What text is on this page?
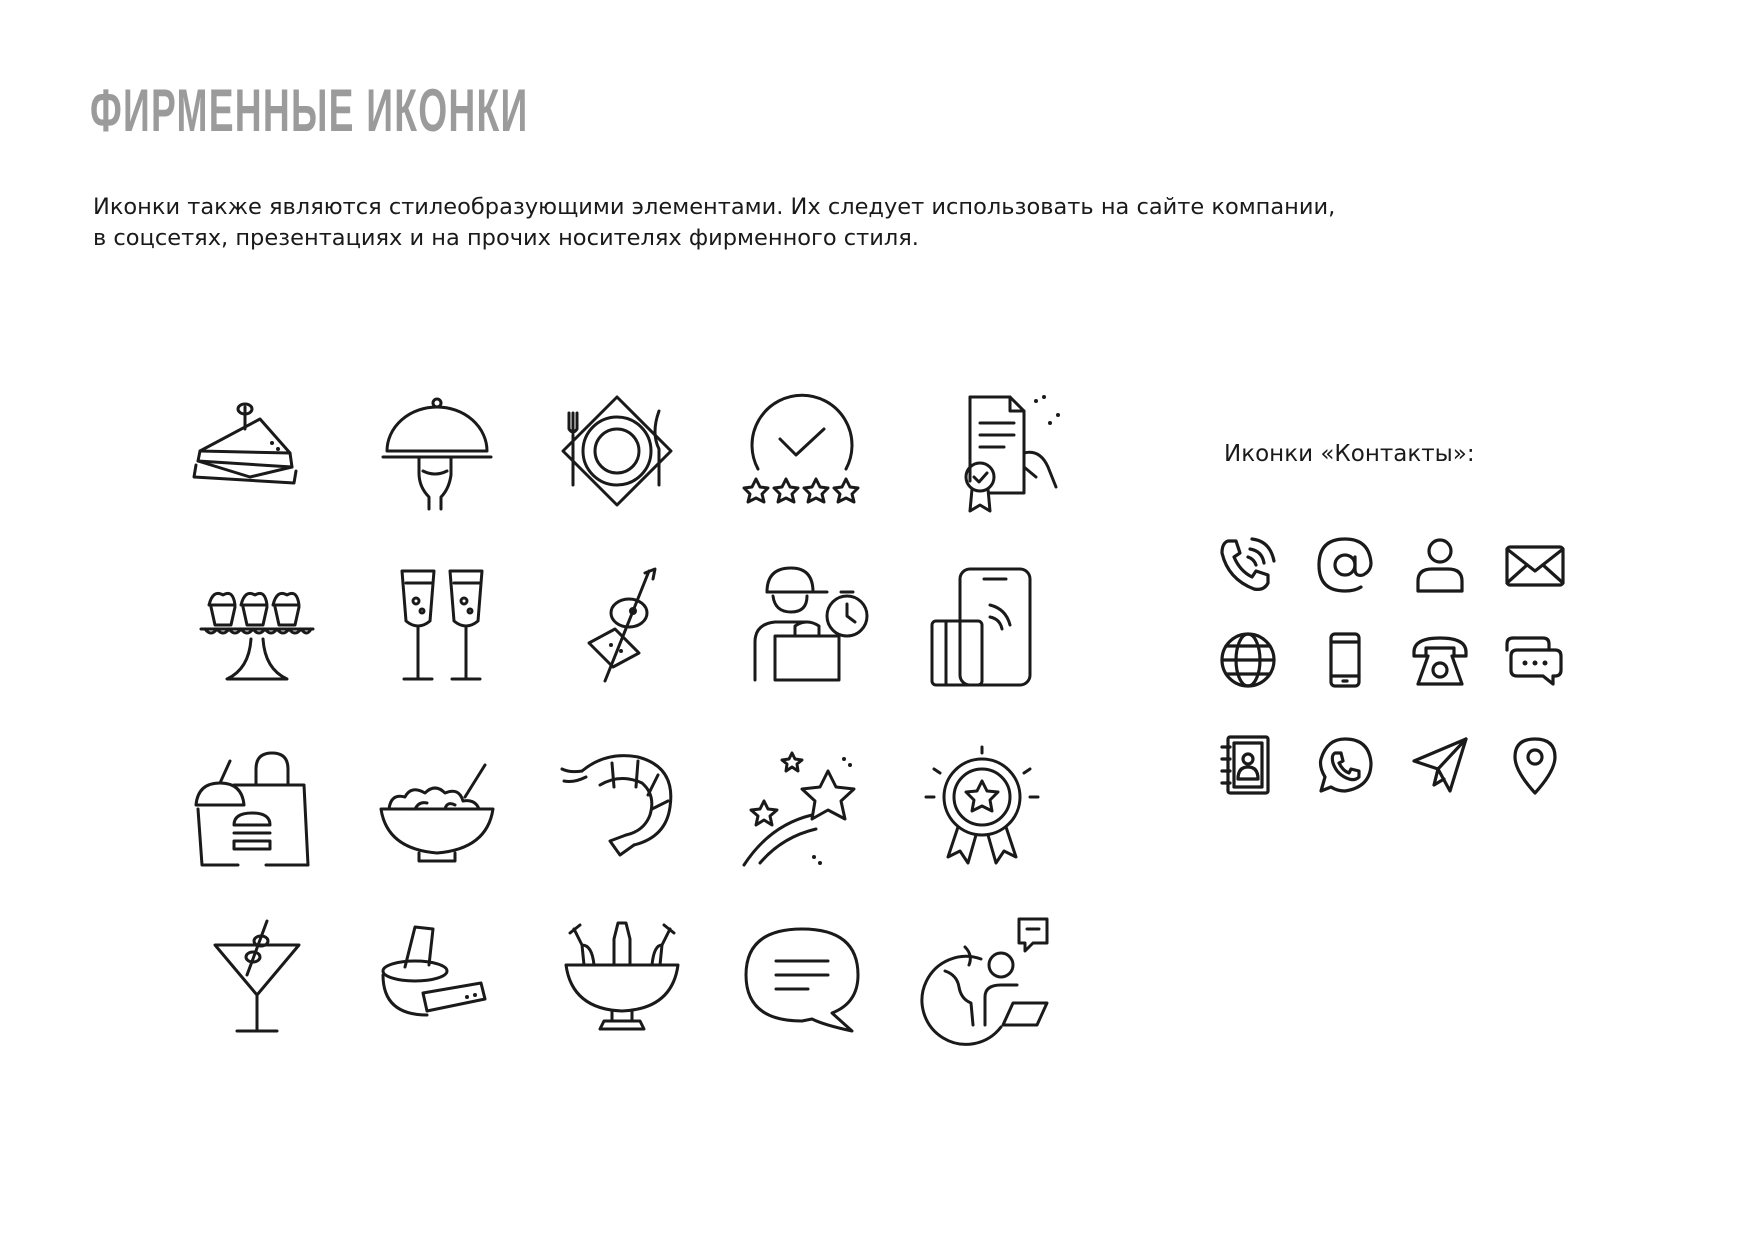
ФИРМЕННЫЕ ИКОНКИ

Иконки также являются стилеобразующими элементами. Их следует использовать на сайте компании,

в соцсетях, презентациях и на прочих носителях фирменного стиля.

Иконки «Контакты»:
